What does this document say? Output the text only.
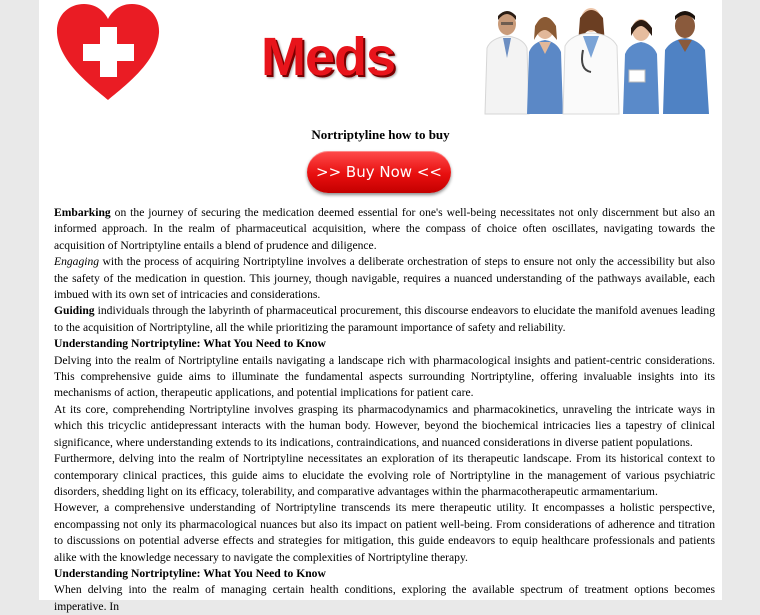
Meds
Nortriptyline how to buy
>> Buy Now <<

Embarking on the journey of securing the medication deemed essential for one's well-being necessitates not only discernment but also an informed approach. In the realm of pharmaceutical acquisition, where the compass of choice often oscillates, navigating towards the acquisition of Nortriptyline entails a blend of prudence and diligence.

Engaging with the process of acquiring Nortriptyline involves a deliberate orchestration of steps to ensure not only the accessibility but also the safety of the medication in question. This journey, though navigable, requires a nuanced understanding of the pathways available, each imbued with its own set of intricacies and considerations.

Guiding individuals through the labyrinth of pharmaceutical procurement, this discourse endeavors to elucidate the manifold avenues leading to the acquisition of Nortriptyline, all the while prioritizing the paramount importance of safety and reliability.

Understanding Nortriptyline: What You Need to Know

Delving into the realm of Nortriptyline entails navigating a landscape rich with pharmacological insights and patient-centric considerations. This comprehensive guide aims to illuminate the fundamental aspects surrounding Nortriptyline, offering invaluable insights into its mechanisms of action, therapeutic applications, and potential implications for patient care.

At its core, comprehending Nortriptyline involves grasping its pharmacodynamics and pharmacokinetics, unraveling the intricate ways in which this tricyclic antidepressant interacts with the human body. However, beyond the biochemical intricacies lies a tapestry of clinical significance, where understanding extends to its indications, contraindications, and nuanced considerations in diverse patient populations.

Furthermore, delving into the realm of Nortriptyline necessitates an exploration of its therapeutic landscape. From its historical context to contemporary clinical practices, this guide aims to elucidate the evolving role of Nortriptyline in the management of various psychiatric disorders, shedding light on its efficacy, tolerability, and comparative advantages within the pharmacotherapeutic armamentarium.

However, a comprehensive understanding of Nortriptyline transcends its mere therapeutic utility. It encompasses a holistic perspective, encompassing not only its pharmacological nuances but also its impact on patient well-being. From considerations of adherence and titration to discussions on potential adverse effects and strategies for mitigation, this guide endeavors to equip healthcare professionals and patients alike with the knowledge necessary to navigate the complexities of Nortriptyline therapy.

Understanding Nortriptyline: What You Need to Know

When delving into the realm of managing certain health conditions, exploring the available spectrum of treatment options becomes imperative. In
